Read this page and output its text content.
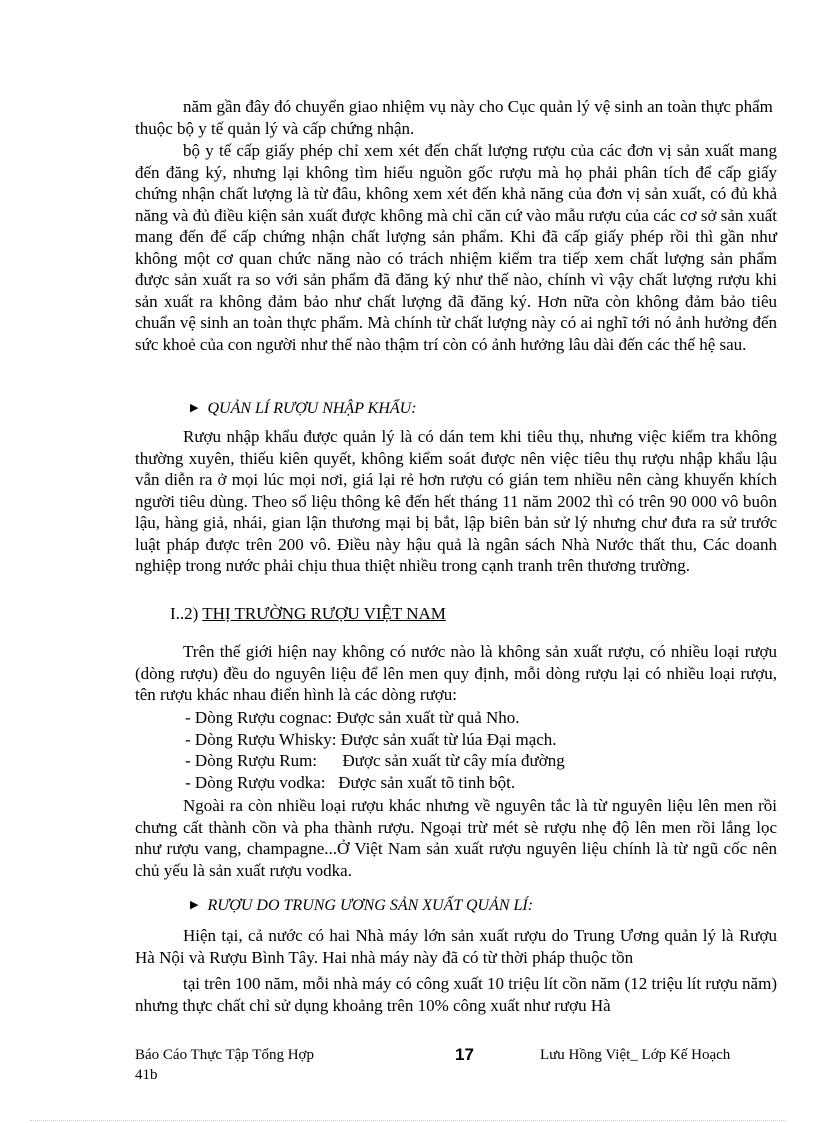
năm gần đây đó chuyển giao nhiệm vụ này cho Cục quản lý vệ sinh an toàn thực phẩm thuộc bộ y tế quản lý và cấp chứng nhận.

bộ y tế cấp giấy phép chỉ xem xét đến chất lượng rượu của các đơn vị sản xuất mang đến đăng ký, nhưng lại không tìm hiểu nguồn gốc rượu mà họ phải phân tích để cấp giấy chứng nhận chất lượng là từ đâu, không xem xét đến khả năng của đơn vị sản xuất, có đủ khả năng và đủ điều kiện sản xuất được không mà chỉ căn cứ vào mẫu rượu của các cơ sở sản xuất mang đến để cấp chứng nhận chất lượng sản phẩm. Khi đã cấp giấy phép rồi thì gần như không một cơ quan chức năng nào có trách nhiệm kiểm tra tiếp xem chất lượng sản phẩm được sản xuất ra so với sản phẩm đã đăng ký như thế nào, chính vì vậy chất lượng rượu khi sản xuất ra không đảm bảo như chất lượng đã đăng ký. Hơn nữa còn không đảm bảo tiêu chuẩn vệ sinh an toàn thực phẩm. Mà chính từ chất lượng này có ai nghĩ tới nó ảnh hưởng đến sức khoẻ của con người như thế nào thậm trí còn có ảnh hưởng lâu dài đến các thế hệ sau.

▶ QUẢN LÍ RƯỢU NHẬP KHẨU:

Rượu nhập khẩu được quản lý là có dán tem khi tiêu thụ, nhưng việc kiểm tra không thường xuyên, thiếu kiên quyết, không kiểm soát được nên việc tiêu thụ rượu nhập khẩu lậu vẫn diễn ra ở mọi lúc mọi nơi, giá lại rẻ hơn rượu có gián tem nhiều nên càng khuyến khích người tiêu dùng. Theo số liệu thông kê đến hết tháng 11 năm 2002 thì có trên 90 000 vô buôn lậu, hàng giả, nhái, gian lận thương mại bị bắt, lập biên bản sử lý nhưng chư đưa ra sử trước luật pháp được trên 200 vô. Điều này hậu quả là ngân sách Nhà Nước thất thu, Các doanh nghiệp trong nước phải chịu thua thiệt nhiều trong cạnh tranh trên thương trường.

I..2) THỊ TRƯỜNG RƯỢU VIỆT NAM

Trên thế giới hiện nay không có nước nào là không sản xuất rượu, có nhiều loại rượu (dòng rượu) đều do nguyên liệu để lên men quy định, mỗi dòng rượu lại có nhiều loại rượu, tên rượu khác nhau điển hình là các dòng rượu:

- Dòng Rượu cognac: Được sản xuất từ quả Nho.
- Dòng Rượu Whisky: Được sản xuất từ lúa Đại mạch.
- Dòng Rượu Rum:      Được sản xuất từ cây mía đường
- Dòng Rượu vodka:   Được sản xuất tõ tinh bột.

Ngoài ra còn nhiều loại rượu khác nhưng về nguyên tắc là từ nguyên liệu lên men rồi chưng cất thành cồn và pha thành rượu. Ngoại trừ mét sè rượu nhẹ độ lên men rồi lắng lọc như rượu vang, champagne...Ở Việt Nam sản xuất rượu nguyên liệu chính là từ ngũ cốc nên chủ yếu là sản xuất rượu vodka.

▶ RƯỢU DO TRUNG ƯƠNG SẢN XUẤT QUẢN LÍ:

Hiện tại, cả nước có hai Nhà máy lớn sản xuất rượu do Trung Ương quản lý là Rượu Hà Nội và Rượu Bình Tây. Hai nhà máy này đã có từ thời pháp thuộc tồn

tại trên 100 năm, mỗi nhà máy có công xuất 10 triệu lít cồn năm (12 triệu lít rượu năm) nhưng thực chất chỉ sử dụng khoảng trên 10% công xuất như rượu Hà

Báo Cáo Thực Tập Tổng Hợp
41b
17	Lưu Hồng Việt_ Lớp Kế Hoạch
